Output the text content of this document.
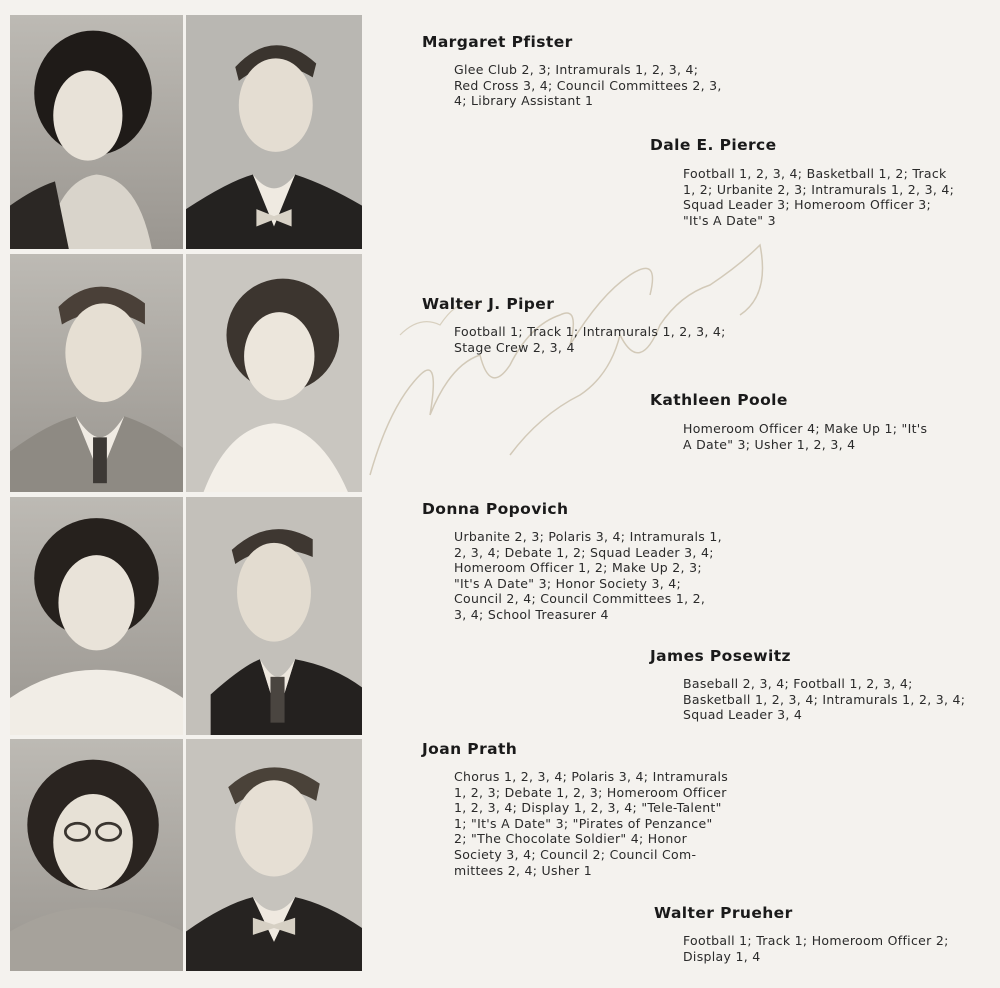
Margaret Pfister
Glee Club 2, 3; Intramurals 1, 2, 3, 4;
Red Cross 3, 4; Council Committees 2, 3,
4; Library Assistant 1
Dale E. Pierce
Football 1, 2, 3, 4; Basketball 1, 2; Track
1, 2; Urbanite 2, 3; Intramurals 1, 2, 3, 4;
Squad Leader 3; Homeroom Officer 3;
"It's A Date" 3
Walter J. Piper
Football 1; Track 1; Intramurals 1, 2, 3, 4;
Stage Crew 2, 3, 4
Kathleen Poole
Homeroom Officer 4; Make Up 1; "It's
A Date" 3; Usher 1, 2, 3, 4
Donna Popovich
Urbanite 2, 3; Polaris 3, 4; Intramurals 1,
2, 3, 4; Debate 1, 2; Squad Leader 3, 4;
Homeroom Officer 1, 2; Make Up 2, 3;
"It's A Date" 3; Honor Society 3, 4;
Council 2, 4; Council Committees 1, 2,
3, 4; School Treasurer 4
James Posewitz
Baseball 2, 3, 4; Football 1, 2, 3, 4;
Basketball 1, 2, 3, 4; Intramurals 1, 2, 3, 4;
Squad Leader 3, 4
Joan Prath
Chorus 1, 2, 3, 4; Polaris 3, 4; Intramurals
1, 2, 3; Debate 1, 2, 3; Homeroom Officer
1, 2, 3, 4; Display 1, 2, 3, 4; "Tele-Talent"
1; "It's A Date" 3; "Pirates of Penzance"
2; "The Chocolate Soldier" 4; Honor
Society 3, 4; Council 2; Council Com-
mittees 2, 4; Usher 1
Walter Prueher
Football 1; Track 1; Homeroom Officer 2;
Display 1, 4
